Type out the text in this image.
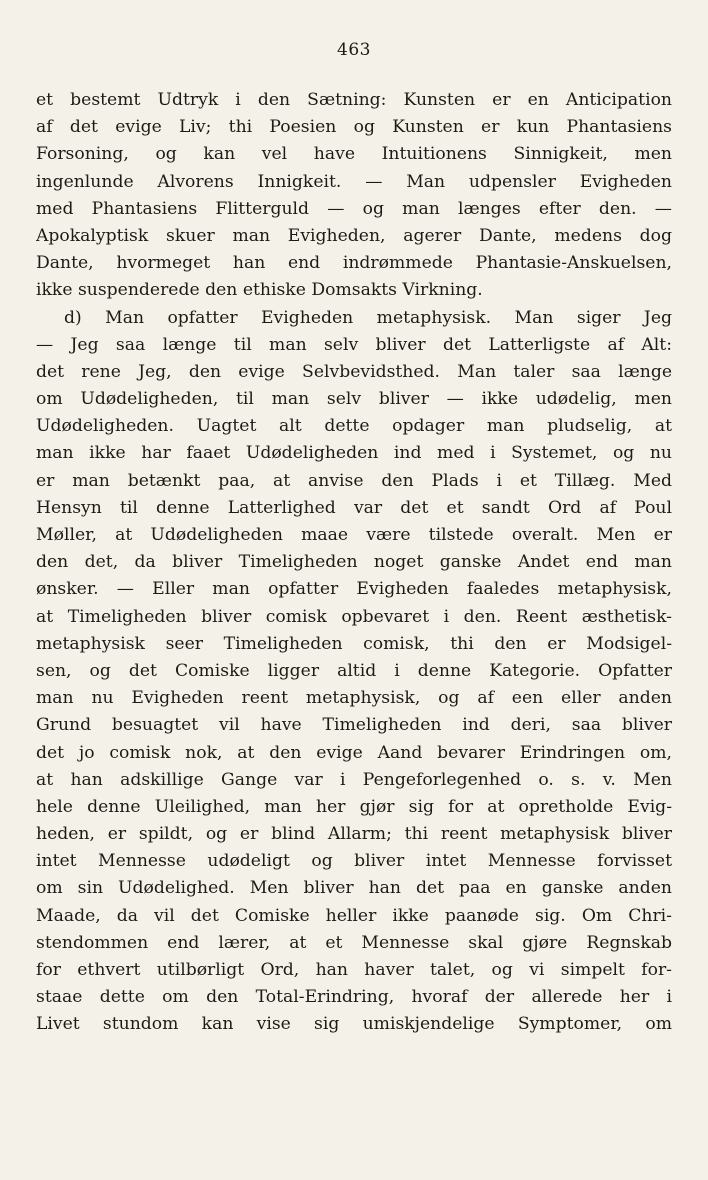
463
et bestemt Udtryk i den Sætning: Kunsten er en Anticipation
af det evige Liv; thi Poesien og Kunsten er kun Phantasiens
Forsoning, og kan vel have Intuitionens Sinnigkeit, men
ingenlunde Alvorens Innigkeit. — Man udpensler Evigheden
med Phantasiens Flitterguld — og man længes efter den. —
Apokalyptisk skuer man Evigheden, agerer Dante, medens dog
Dante, hvormeget han end indrømmede Phantasie-Anskuelsen,
ikke suspenderede den ethiske Domsakts Virkning.
d) Man opfatter Evigheden metaphysisk. Man siger Jeg
— Jeg saa længe til man selv bliver det Latterligste af Alt:
det rene Jeg, den evige Selvbevidsthed. Man taler saa længe
om Udødeligheden, til man selv bliver — ikke udødelig, men
Udødeligheden. Uagtet alt dette opdager man pludselig, at
man ikke har faaet Udødeligheden ind med i Systemet, og nu
er man betænkt paa, at anvise den Plads i et Tillæg. Med
Hensyn til denne Latterlighed var det et sandt Ord af Poul
Møller, at Udødeligheden maae være tilstede overalt. Men er
den det, da bliver Timeligheden noget ganske Andet end man
ønsker. — Eller man opfatter Evigheden faaledes metaphysisk,
at Timeligheden bliver comisk opbevaret i den. Reent æsthetisk-
metaphysisk seer Timeligheden comisk, thi den er Modsigel-
sen, og det Comiske ligger altid i denne Kategorie. Opfatter
man nu Evigheden reent metaphysisk, og af een eller anden
Grund besuagtet vil have Timeligheden ind deri, saa bliver
det jo comisk nok, at den evige Aand bevarer Erindringen om,
at han adskillige Gange var i Pengeforlegenhed o. s. v. Men
hele denne Uleilighed, man her gjør sig for at opretholde Evig-
heden, er spildt, og er blind Allarm; thi reent metaphysisk bliver
intet Mennesse udødeligt og bliver intet Mennesse forvisset
om sin Udødelighed. Men bliver han det paa en ganske anden
Maade, da vil det Comiske heller ikke paanøde sig. Om Chri-
stendommen end lærer, at et Mennesse skal gjøre Regnskab
for ethvert utilbørligt Ord, han haver talet, og vi simpelt for-
staae dette om den Total-Erindring, hvoraf der allerede her i
Livet stundom kan vise sig umiskjendelige Symptomer, om
